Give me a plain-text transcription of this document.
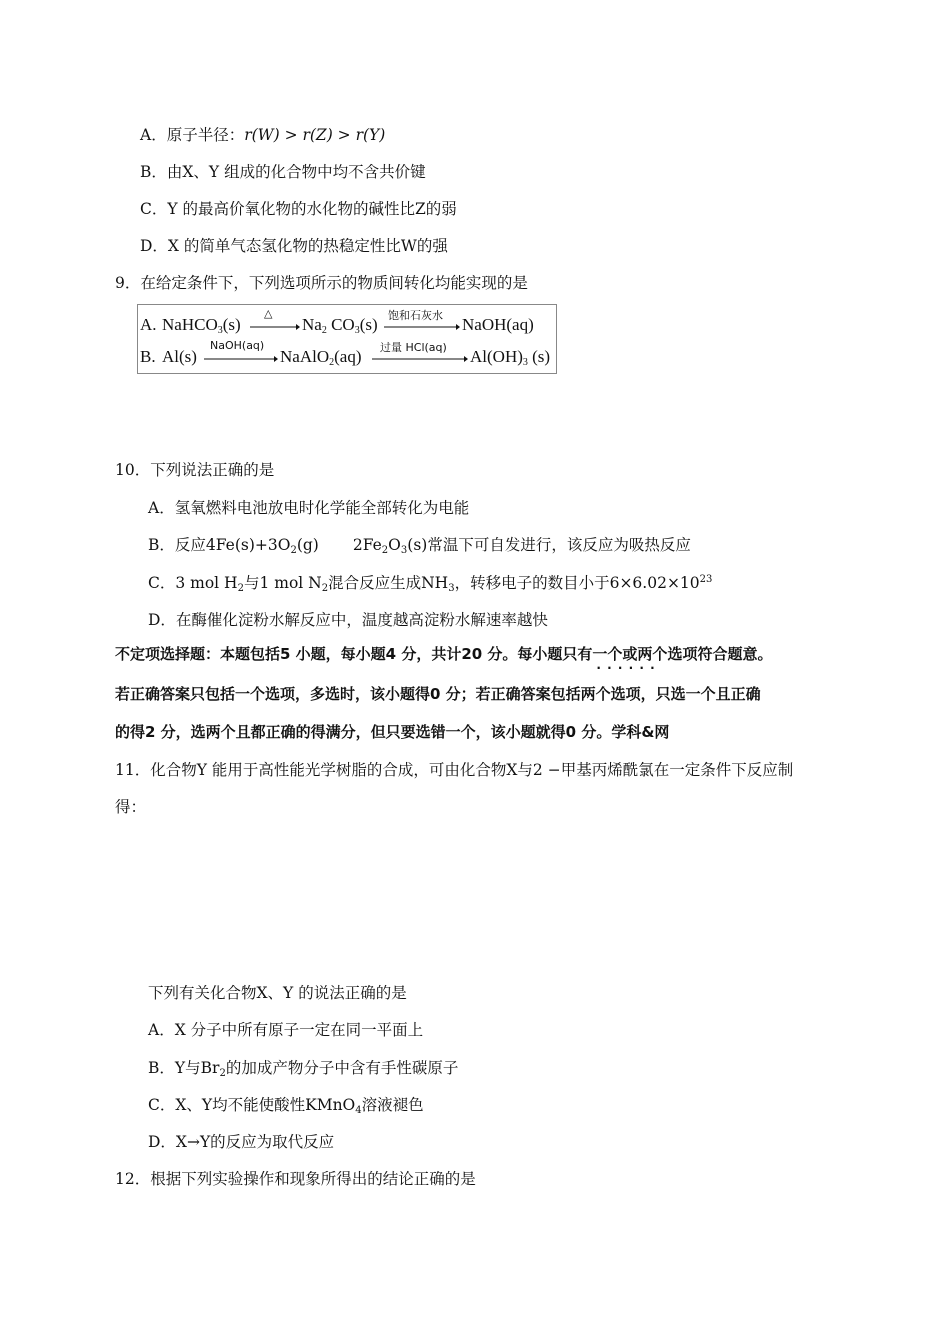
A．原子半径：r(W) > r(Z) > r(Y)
B．由X、Y 组成的化合物中均不含共价键
C．Y 的最高价氧化物的水化物的碱性比Z的弱
D．X 的简单气态氢化物的热稳定性比W的强
9．在给定条件下，下列选项所示的物质间转化均能实现的是
A. NaHCO$_3$(s)
△
$Na_2$ $CO_3(s)$ 饱和石灰水 NaOH(aq)
B. Al(s)
NaOH(aq)
NaAlO$_2$(aq) 过量 HCl(aq) $Al(OH)_3$ (s)
10．下列说法正确的是
A．氢氧燃料电池放电时化学能全部转化为电能
B．反应$4Fe(s)+3O_2(g)$ $2Fe_2O_3(s)$常温下可自发进行，该反应为吸热反应
C．3 mol $H_2$与1 mol $N_2$混合反应生成$NH_3$，转移电子的数目小于$6\times 6.02\times 10^{23}$
D．在酶催化淀粉水解反应中，温度越高淀粉水解速率越快
不定项选择题：本题包括5 小题，每小题4 分，共计20 分。每小题只有一个或两个 · · 选项符合题意。
若正确答案只包括一个选项，多选时，该小题得0 分；若正确答案包括两个选项，只选一个且正确
的得2 分，选两个且都正确的得满分，但只要选错一个，该小题就得0 分。学科&网
11．化合物Y 能用于高性能光学树脂的合成，可由化合物X与2 −甲基丙烯酰氯在一定条件下反应制
得：
下列有关化合物X、Y 的说法正确的是
A．X 分子中所有原子一定在同一平面上
B．Y与$Br_2$的加成产物分子中含有手性碳原子
C．X、Y均不能使酸性KMnO$_4$溶液褪色
D．X→Y的反应为取代反应
12．根据下列实验操作和现象所得出的结论正确的是
